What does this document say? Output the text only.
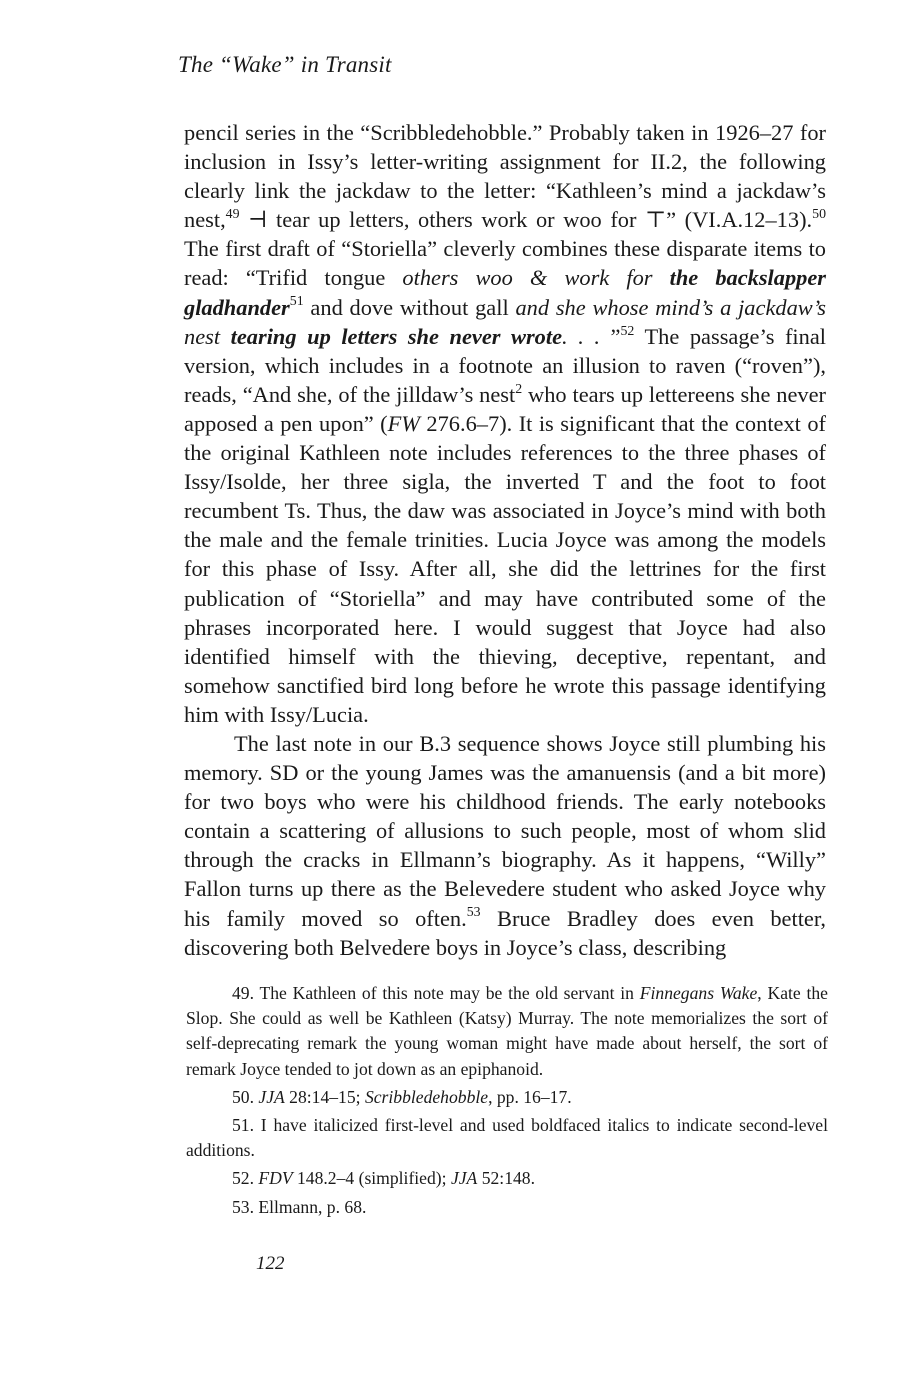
The “Wake” in Transit

pencil series in the “Scribbledehobble.” Probably taken in 1926–27 for inclusion in Issy’s letter-writing assignment for II.2, the following clearly link the jackdaw to the letter: “Kathleen’s mind a jackdaw’s nest,$^{49}$ ⊣ tear up letters, others work or woo for ⊤” (VI.A.12–13).$^{50}$ The first draft of “Storiella” cleverly combines these disparate items to read: “Trifid tongue others woo & work for the backslapper gladhander$^{51}$ and dove without gall and she whose mind’s a jackdaw’s nest tearing up letters she never wrote. . . ”$^{52}$ The passage’s final version, which includes in a footnote an illusion to raven (“roven”), reads, “And she, of the jilldaw’s nest$^2$ who tears up lettereens she never apposed a pen upon” (FW 276.6–7). It is significant that the context of the original Kathleen note includes references to the three phases of Issy/Isolde, her three sigla, the inverted T and the foot to foot recumbent Ts. Thus, the daw was associated in Joyce’s mind with both the male and the female trinities. Lucia Joyce was among the models for this phase of Issy. After all, she did the lettrines for the first publication of “Storiella” and may have contributed some of the phrases incorporated here. I would suggest that Joyce had also identified himself with the thieving, deceptive, repentant, and somehow sanctified bird long before he wrote this passage identifying him with Issy/Lucia.

The last note in our B.3 sequence shows Joyce still plumbing his memory. SD or the young James was the amanuensis (and a bit more) for two boys who were his childhood friends. The early notebooks contain a scattering of allusions to such people, most of whom slid through the cracks in Ellmann’s biography. As it happens, “Willy” Fallon turns up there as the Belevedere student who asked Joyce why his family moved so often.$^{53}$ Bruce Bradley does even better, discovering both Belvedere boys in Joyce’s class, describing

49. The Kathleen of this note may be the old servant in Finnegans Wake, Kate the Slop. She could as well be Kathleen (Katsy) Murray. The note memorializes the sort of self-deprecating remark the young woman might have made about herself, the sort of remark Joyce tended to jot down as an epiphanoid.

50. JJA 28:14–15; Scribbledehobble, pp. 16–17.

51. I have italicized first-level and used boldfaced italics to indicate second-level additions.

52. FDV 148.2–4 (simplified); JJA 52:148.

53. Ellmann, p. 68.

122
